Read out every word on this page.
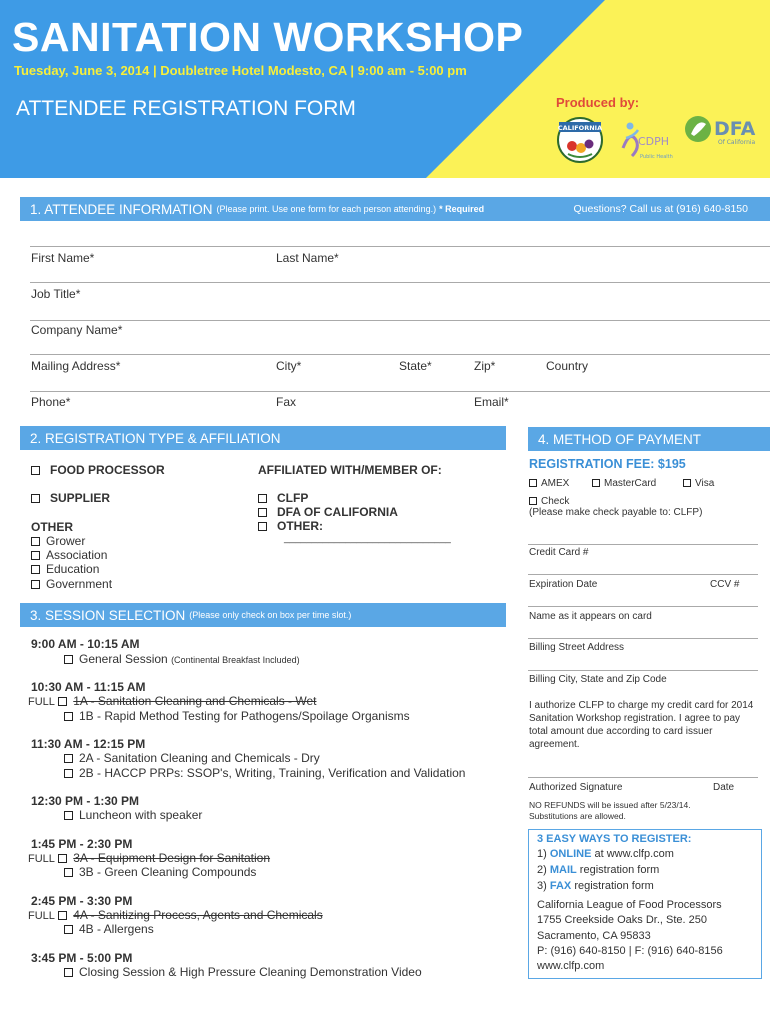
SANITATION WORKSHOP
Tuesday, June 3, 2014 | Doubletree Hotel Modesto, CA | 9:00 am - 5:00 pm
ATTENDEE REGISTRATION FORM	Produced by:
CALIFORNIA
CDPH
Public Health
DFA
Of California
1. ATTENDEE INFORMATION (Please print. Use one form for each person attending.) * Required	Questions? Call us at (916) 640-8150
First Name*	Last Name*
Job Title*
Company Name*
Mailing Address*	City*	State*	Zip*	Country
Phone*	Fax	Email*
2. REGISTRATION TYPE & AFFILIATION
FOOD PROCESSOR
SUPPLIER
OTHER
Grower
Association
Education
Government
AFFILIATED WITH/MEMBER OF:
CLFP
DFA OF CALIFORNIA
OTHER:
______________________________
3. SESSION SELECTION (Please only check on box per time slot.)
9:00 AM - 10:15 AM
General Session (Continental Breakfast Included)
10:30 AM - 11:15 AM
FULL 1A - Sanitation Cleaning and Chemicals - Wet
1B - Rapid Method Testing for Pathogens/Spoilage Organisms
11:30 AM - 12:15 PM
2A - Sanitation Cleaning and Chemicals - Dry
2B - HACCP PRPs: SSOP's, Writing, Training, Verification and Validation
12:30 PM - 1:30 PM
Luncheon with speaker
1:45 PM - 2:30 PM
FULL 3A - Equipment Design for Sanitation
3B - Green Cleaning Compounds
2:45 PM - 3:30 PM
FULL 4A - Sanitizing Process, Agents and Chemicals
4B - Allergens
3:45 PM - 5:00 PM
Closing Session & High Pressure Cleaning Demonstration Video
4. METHOD OF PAYMENT
REGISTRATION FEE: $195
AMEX	MasterCard	Visa
Check
(Please make check payable to: CLFP)
Credit Card #
Expiration Date	CCV #
Name as it appears on card
Billing Street Address
Billing City, State and Zip Code
I authorize CLFP to charge my credit card for 2014 Sanitation Workshop registration. I agree to pay total amount due according to card issuer agreement.
Authorized Signature	Date
NO REFUNDS will be issued after 5/23/14.
Substitutions are allowed.
3 EASY WAYS TO REGISTER:
1) ONLINE at www.clfp.com
2) MAIL registration form
3) FAX registration form
California League of Food Processors
1755 Creekside Oaks Dr., Ste. 250
Sacramento, CA 95833
P: (916) 640-8150 | F: (916) 640-8156
www.clfp.com
